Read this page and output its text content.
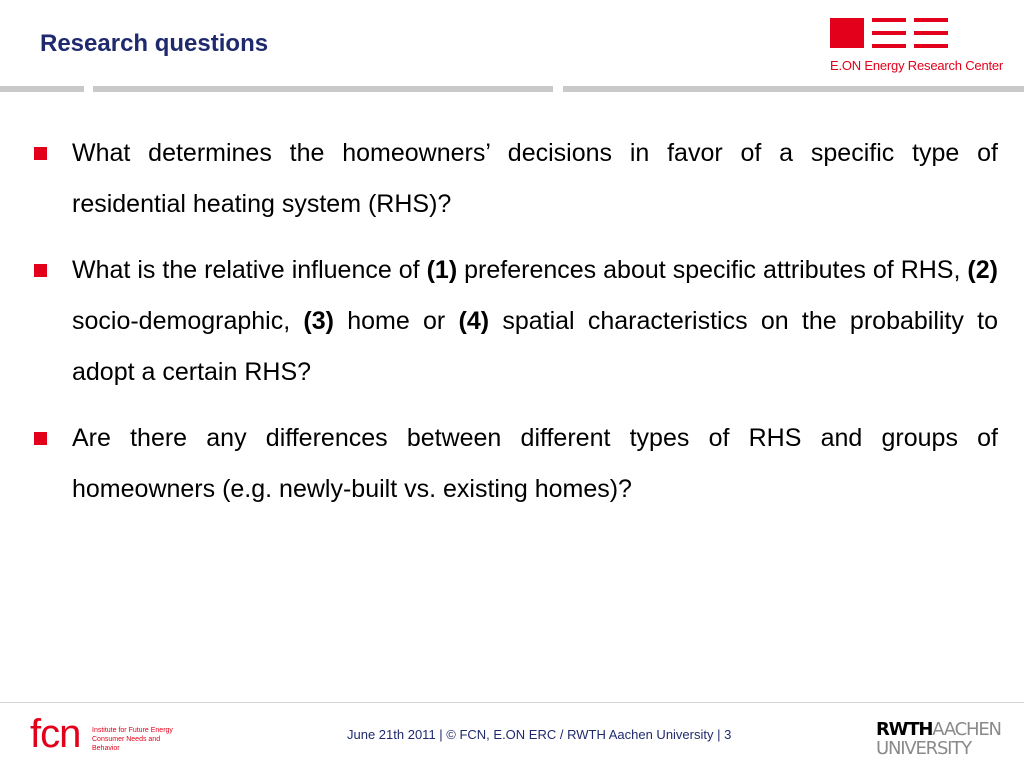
Research questions
E.ON Energy Research Center
What determines the homeowners’ decisions in favor of a specific type of residential heating system (RHS)?
What is the relative influence of (1) preferences about specific attributes of RHS, (2) socio-demographic, (3) home or (4) spatial characteristics on the probability to adopt a certain RHS?
Are there any differences between different types of RHS and groups of homeowners (e.g. newly-built vs. existing homes)?
fcn Institute for Future Energy Consumer Needs and Behavior
June 21th 2011 | © FCN, E.ON ERC / RWTH Aachen University | 3	RWTHAACHEN
UNIVERSITY
